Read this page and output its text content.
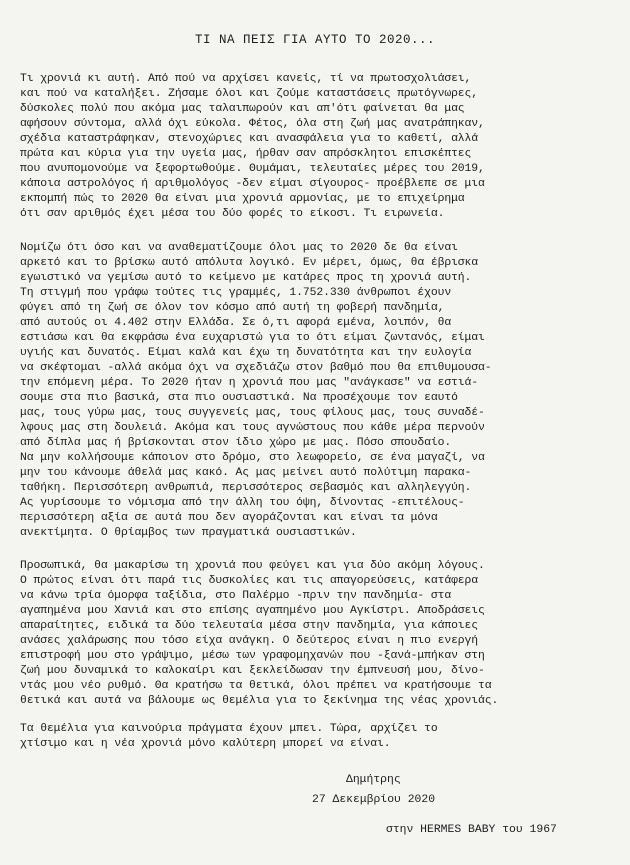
ΤΙ ΝΑ ΠΕΙΣ ΓΙΑ ΑΥΤΟ ΤΟ 2020...
Τι χρονιά κι αυτή. Από πού να αρχίσει κανείς, τί να πρωτοσχολιάσει,
και πού να καταλήξει. Ζήσαμε όλοι και ζούμε καταστάσεις πρωτόγνωρες,
δύσκολες πολύ που ακόμα μας ταλαιπωρούν και απ'ότι φαίνεται θα μας
αφήσουν σύντομα, αλλά όχι εύκολα. Φέτος, όλα στη ζωή μας ανατράπηκαν,
σχέδια καταστράφηκαν, στενοχώριες και ανασφάλεια για το καθετί, αλλά
πρώτα και κύρια για την υγεία μας, ήρθαν σαν απρόσκλητοι επισκέπτες
που ανυπομονούμε να ξεφορτωθούμε. Θυμάμαι, τελευταίες μέρες του 2019,
κάποια αστρολόγος ή αριθμολόγος -δεν είμαι σίγουρος- προέβλεπε σε μια
εκπομπή πώς το 2020 θα είναι μια χρονιά αρμονίας, με το επιχείρημα
ότι σαν αριθμός έχει μέσα του δύο φορές το είκοσι. Τι ειρωνεία.
Νομίζω ότι όσο και να αναθεματίζουμε όλοι μας το 2020 δε θα είναι
αρκετό και το βρίσκω αυτό απόλυτα λογικό. Εν μέρει, όμως, θα έβρισκα
εγωιστικό να γεμίσω αυτό το κείμενο με κατάρες προς τη χρονιά αυτή.
Τη στιγμή που γράφω τούτες τις γραμμές, 1.752.330 άνθρωποι έχουν
φύγει από τη ζωή σε όλον τον κόσμο από αυτή τη φοβερή πανδημία,
από αυτούς οι 4.402 στην Ελλάδα. Σε ό,τι αφορά εμένα, λοιπόν, θα
εστιάσω και θα εκφράσω ένα ευχαριστώ για το ότι είμαι ζωντανός, είμαι
υγιής και δυνατός. Είμαι καλά και έχω τη δυνατότητα και την ευλογία
να σκέφτομαι -αλλά ακόμα όχι να σχεδιάζω στον βαθμό που θα επιθυμουσα-
την επόμενη μέρα. Το 2020 ήταν η χρονιά που μας "ανάγκασε" να εστιά-
σουμε στα πιο βασικά, στα πιο ουσιαστικά. Να προσέχουμε τον εαυτό
μας, τους γύρω μας, τους συγγενείς μας, τους φίλους μας, τους συναδέ-
λφους μας στη δουλειά. Ακόμα και τους αγνώστους που κάθε μέρα περνούν
από δίπλα μας ή βρίσκονται στον ίδιο χώρο με μας. Πόσο σπουδαίο.
Να μην κολλήσουμε κάποιον στο δρόμο, στο λεωφορείο, σε ένα μαγαζί, να
μην του κάνουμε άθελά μας κακό. Ας μας μείνει αυτό πολύτιμη παρακα-
ταθήκη. Περισσότερη ανθρωπιά, περισσότερος σεβασμός και αλληλεγγύη.
Ας γυρίσουμε το νόμισμα από την άλλη του όψη, δίνοντας -επιτέλους-
περισσότερη αξία σε αυτά που δεν αγοράζονται και είναι τα μόνα
ανεκτίμητα. Ο θρίαμβος των πραγματικά ουσιαστικών.
Προσωπικά, θα μακαρίσω τη χρονιά που φεύγει και για δύο ακόμη λόγους.
Ο πρώτος είναι ότι παρά τις δυσκολίες και τις απαγορεύσεις, κατάφερα
να κάνω τρία όμορφα ταξίδια, στο Παλέρμο -πριν την πανδημία- στα
αγαπημένα μου Χανιά και στο επίσης αγαπημένο μου Αγκίστρι. Αποδράσεις
απαραίτητες, ειδικά τα δύο τελευταία μέσα στην πανδημία, για κάποιες
ανάσες χαλάρωσης που τόσο είχα ανάγκη. Ο δεύτερος είναι η πιο ενεργή
επιστροφή μου στο γράψιμο, μέσω των γραφομηχανών που -ξανά-μπήκαν στη
ζωή μου δυναμικά το καλοκαίρι και ξεκλείδωσαν την έμπνευσή μου, δίνο-
ντάς μου νέο ρυθμό. Θα κρατήσω τα θετικά, όλοι πρέπει να κρατήσουμε τα
θετικά και αυτά να βάλουμε ως θεμέλια για το ξεκίνημα της νέας χρονιάς.
Τα θεμέλια για καινούρια πράγματα έχουν μπει. Τώρα, αρχίζει το
χτίσιμο και η νέα χρονιά μόνο καλύτερη μπορεί να είναι.
Δημήτρης
27 Δεκεμβρίου 2020
στην HERMES BABY του 1967
